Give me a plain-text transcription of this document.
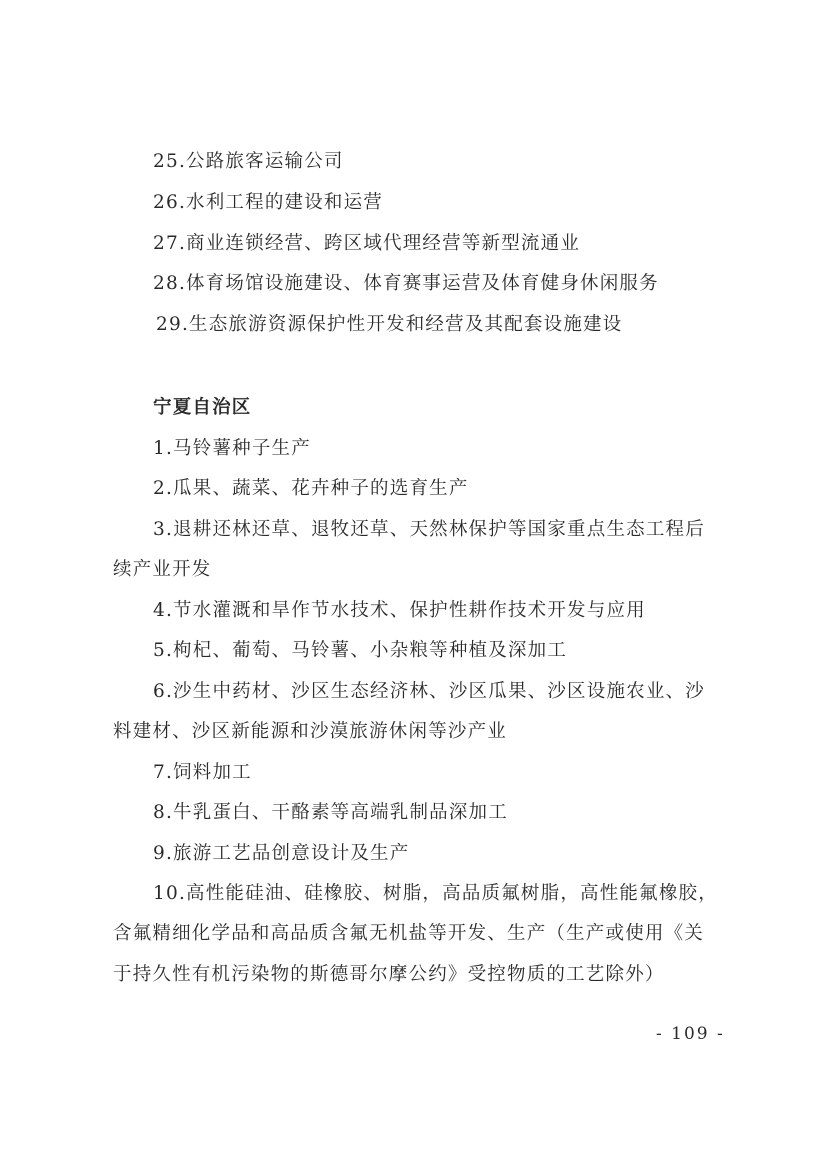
25.公路旅客运输公司
26.水利工程的建设和运营
27.商业连锁经营、跨区域代理经营等新型流通业
28.体育场馆设施建设、体育赛事运营及体育健身休闲服务
29.生态旅游资源保护性开发和经营及其配套设施建设
宁夏自治区
1.马铃薯种子生产
2.瓜果、蔬菜、花卉种子的选育生产
3.退耕还林还草、退牧还草、天然林保护等国家重点生态工程后
续产业开发
4.节水灌溉和旱作节水技术、保护性耕作技术开发与应用
5.枸杞、葡萄、马铃薯、小杂粮等种植及深加工
6.沙生中药材、沙区生态经济林、沙区瓜果、沙区设施农业、沙
料建材、沙区新能源和沙漠旅游休闲等沙产业
7.饲料加工
8.牛乳蛋白、干酪素等高端乳制品深加工
9.旅游工艺品创意设计及生产
10.高性能硅油、硅橡胶、树脂，高品质氟树脂，高性能氟橡胶，
含氟精细化学品和高品质含氟无机盐等开发、生产（生产或使用《关
于持久性有机污染物的斯德哥尔摩公约》受控物质的工艺除外）
- 109 -
